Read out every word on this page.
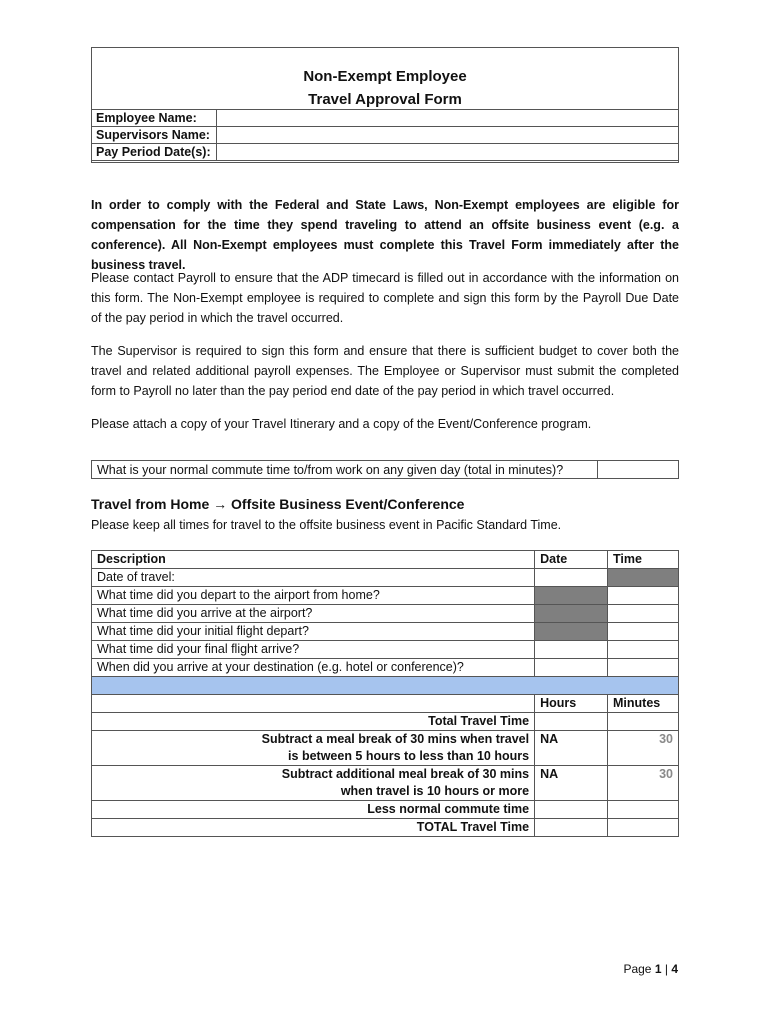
Non-Exempt Employee
Travel Approval Form
Employee Name:	
Supervisors Name:	
Pay Period Date(s):	
In order to comply with the Federal and State Laws, Non-Exempt employees are eligible for compensation for the time they spend traveling to attend an offsite business event (e.g. a conference). All Non-Exempt employees must complete this Travel Form immediately after the business travel.
Please contact Payroll to ensure that the ADP timecard is filled out in accordance with the information on this form. The Non-Exempt employee is required to complete and sign this form by the Payroll Due Date of the pay period in which the travel occurred.
The Supervisor is required to sign this form and ensure that there is sufficient budget to cover both the travel and related additional payroll expenses. The Employee or Supervisor must submit the completed form to Payroll no later than the pay period end date of the pay period in which travel occurred.
Please attach a copy of your Travel Itinerary and a copy of the Event/Conference program.
What is your normal commute time to/from work on any given day (total in minutes)?	
Travel from Home → Offsite Business Event/Conference
Please keep all times for travel to the offsite business event in Pacific Standard Time.
Description	Date	Time
Date of travel:		
What time did you depart to the airport from home?		
What time did you arrive at the airport?		
What time did your initial flight depart?		
What time did your final flight arrive?		
When did you arrive at your destination (e.g. hotel or conference)?		

	Hours	Minutes
Total Travel Time		

Subtract a meal break of 30 mins when travel
is between 5 hours to less than 10 hours	NA	30

Subtract additional meal break of 30 mins
when travel is 10 hours or more	NA	30
Less normal commute time		
TOTAL Travel Time		
Page 1 | 4
